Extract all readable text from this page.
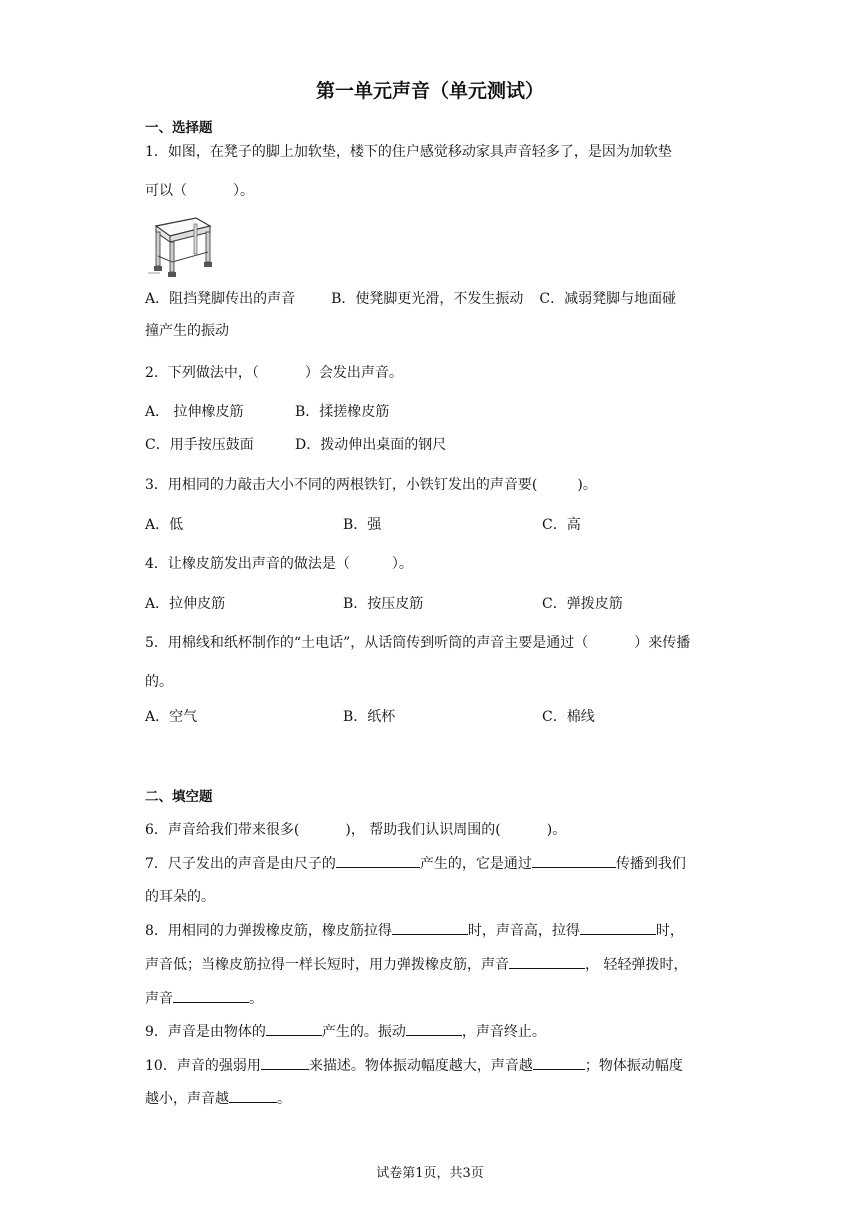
第一单元声音（单元测试）
一、选择题
1．如图，在凳子的脚上加软垫，楼下的住户感觉移动家具声音轻多了，是因为加软垫
可以（	）。
A．阻挡凳脚传出的声音	B．使凳脚更光滑，不发生振动 C．减弱凳脚与地面碰
撞产生的振动
2．下列做法中，（	）会发出声音。
A． 拉伸橡皮筋	B．揉搓橡皮筋
C．用手按压鼓面	D．拨动伸出桌面的钢尺
3．用相同的力敲击大小不同的两根铁钉，小铁钉发出的声音要(	)。
A．低	B．强	C．高
4．让橡皮筋发出声音的做法是（	）。
A．拉伸皮筋	B．按压皮筋	C．弹拨皮筋
5．用棉线和纸杯制作的“土电话”，从话筒传到听筒的声音主要是通过（	）来传播
的。
A．空气	B．纸杯	C．棉线
二、填空题
6．声音给我们带来很多(	)， 帮助我们认识周围的(	)。
7．尺子发出的声音是由尺子的	产生的，它是通过	传播到我们
的耳朵的。
8．用相同的力弹拨橡皮筋，橡皮筋拉得	时，声音高，拉得	时，
声音低；当橡皮筋拉得一样长短时，用力弹拨橡皮筋，声音	， 轻轻弹拨时，
声音	。
9．声音是由物体的	产生的。振动	，声音终止。
10．声音的强弱用	来描述。物体振动幅度越大，声音越	；物体振动幅度
越小，声音越	。
试卷第1页，共3页
